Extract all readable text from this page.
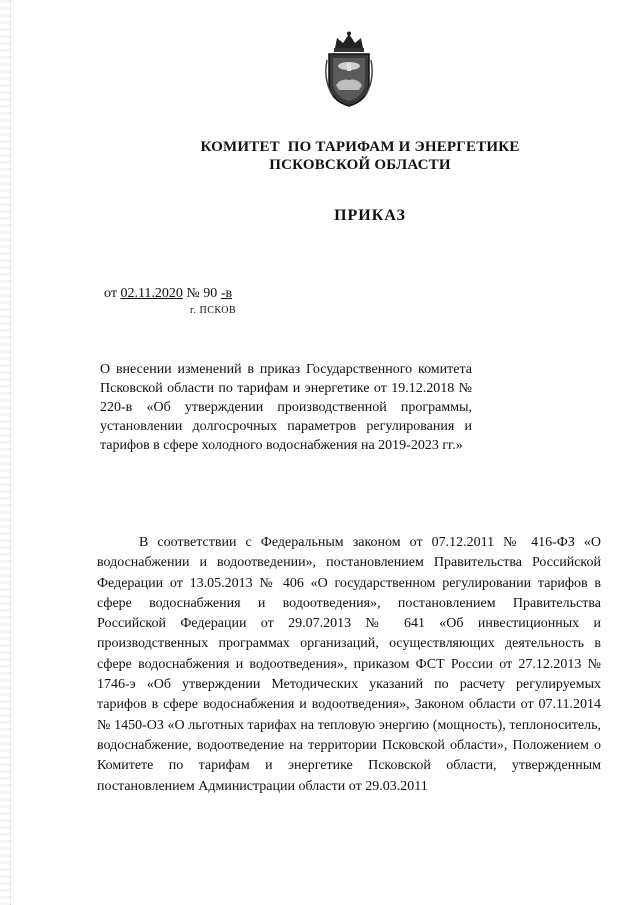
КОМИТЕТ  ПО ТАРИФАМ И ЭНЕРГЕТИКЕ
ПСКОВСКОЙ ОБЛАСТИ
ПРИКАЗ
от 02.11.2020 № 90 -в
г. ПСКОВ
О внесении изменений в приказ Государственного комитета Псковской области по тарифам и энергетике от 19.12.2018 № 220-в «Об утверждении производственной программы, установлении долгосрочных параметров регулирования и тарифов в сфере холодного водоснабжения на 2019-2023 гг.»
В соответствии с Федеральным законом от 07.12.2011 № 416-ФЗ «О водоснабжении и водоотведении», постановлением Правительства Российской Федерации от 13.05.2013 № 406 «О государственном регулировании тарифов в сфере водоснабжения и водоотведения», постановлением Правительства Российской Федерации от 29.07.2013 № 641 «Об инвестиционных и производственных программах организаций, осуществляющих деятельность в сфере водоснабжения и водоотведения», приказом ФСТ России от 27.12.2013 № 1746-э «Об утверждении Методических указаний по расчету регулируемых тарифов в сфере водоснабжения и водоотведения», Законом области от 07.11.2014 № 1450-ОЗ «О льготных тарифах на тепловую энергию (мощность), теплоноситель, водоснабжение, водоотведение на территории Псковской области», Положением о Комитете по тарифам и энергетике Псковской области, утвержденным постановлением Администрации области от 29.03.2011
